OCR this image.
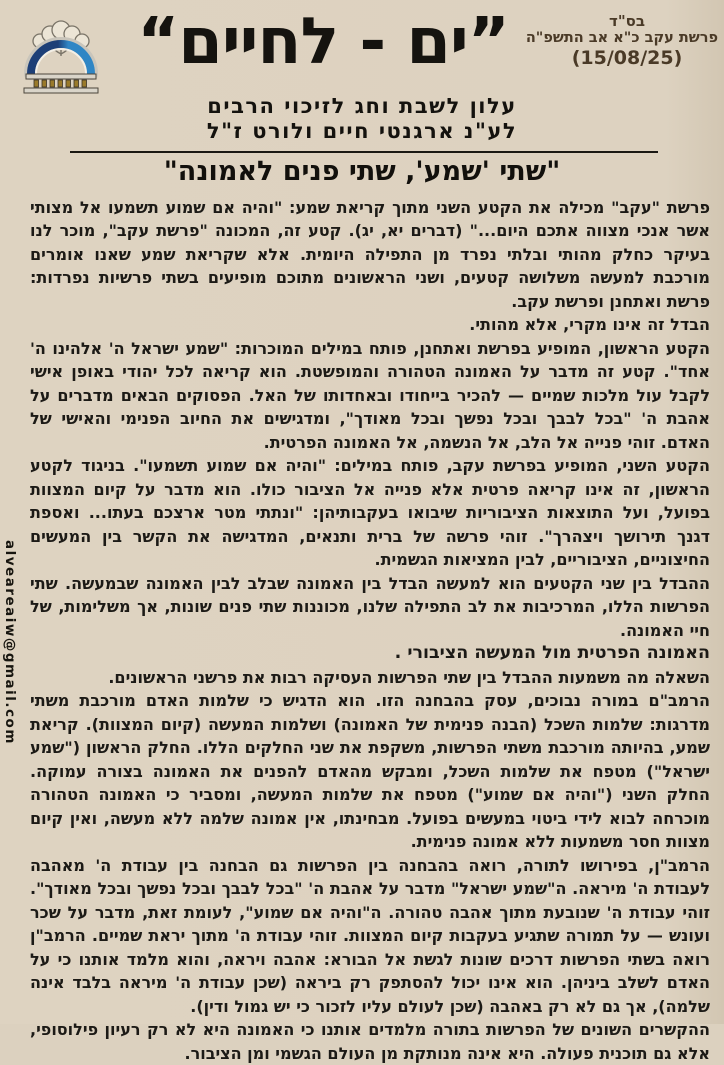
”ים - לחיים“	בס"ד
פרשת עקב כ"א אב התשפ"ה
(15/08/25)
עלון לשבת וחג לזיכוי הרבים
לע"נ ארגנטי חיים ולורט ז"ל
"שתי 'שמע', שתי פנים לאמונה"

פרשת "עקב" מכילה את הקטע השני מתוך קריאת שמע: "והיה אם שמוע תשמעו אל מצותי אשר אנכי מצווה אתכם היום..." (דברים יא, יג). קטע זה, המכונה "פרשת עקב", מוכר לנו בעיקר כחלק מהותי ובלתי נפרד מן התפילה היומית. אלא שקריאת שמע שאנו אומרים מורכבת למעשה משלושה קטעים, ושני הראשונים מתוכם מופיעים בשתי פרשיות נפרדות: פרשת ואתחנן ופרשת עקב.

הבדל זה אינו מקרי, אלא מהותי.

הקטע הראשון, המופיע בפרשת ואתחנן, פותח במילים המוכרות: "שמע ישראל ה' אלהינו ה' אחד". קטע זה מדבר על האמונה הטהורה והמופשטת. הוא קריאה לכל יהודי באופן אישי לקבל עול מלכות שמיים — להכיר בייחודו ובאחדותו של האל. הפסוקים הבאים מדברים על אהבת ה' "בכל לבבך ובכל נפשך ובכל מאודך", ומדגישים את החיוב הפנימי והאישי של האדם. זוהי פנייה אל הלב, אל הנשמה, אל האמונה הפרטית.

הקטע השני, המופיע בפרשת עקב, פותח במילים: "והיה אם שמוע תשמעו". בניגוד לקטע הראשון, זה אינו קריאה פרטית אלא פנייה אל הציבור כולו. הוא מדבר על קיום המצוות בפועל, ועל התוצאות הציבוריות שיבואו בעקבותיהן: "ונתתי מטר ארצכם בעתו... ואספת דגנך תירושך ויצהרך". זוהי פרשה של ברית ותנאים, המדגישה את הקשר בין המעשים החיצוניים, הציבוריים, לבין המציאות הגשמית.

ההבדל בין שני הקטעים הוא למעשה הבדל בין האמונה שבלב לבין האמונה שבמעשה. שתי הפרשות הללו, המרכיבות את לב התפילה שלנו, מכוננות שתי פנים שונות, אך משלימות, של חיי האמונה.

האמונה הפרטית מול המעשה הציבורי .

השאלה מה משמעות ההבדל בין שתי הפרשות העסיקה רבות את פרשני הראשונים.

הרמב"ם במורה נבוכים, עסק בהבחנה הזו. הוא הדגיש כי שלמות האדם מורכבת משתי מדרגות: שלמות השכל (הבנה פנימית של האמונה) ושלמות המעשה (קיום המצוות). קריאת שמע, בהיותה מורכבת משתי הפרשות, משקפת את שני החלקים הללו. החלק הראשון ("שמע ישראל") מטפח את שלמות השכל, ומבקש מהאדם להפנים את האמונה בצורה עמוקה. החלק השני ("והיה אם שמוע") מטפח את שלמות המעשה, ומסביר כי האמונה הטהורה מוכרחה לבוא לידי ביטוי במעשים בפועל. מבחינתו, אין אמונה שלמה ללא מעשה, ואין קיום מצוות חסר משמעות ללא אמונה פנימית.

הרמב"ן, בפירושו לתורה, רואה בהבחנה בין הפרשות גם הבחנה בין עבודת ה' מאהבה לעבודת ה' מיראה. ה"שמע ישראל" מדבר על אהבת ה' "בכל לבבך ובכל נפשך ובכל מאודך". זוהי עבודת ה' שנובעת מתוך אהבה טהורה. ה"והיה אם שמוע", לעומת זאת, מדבר על שכר ועונש — על תמורה שתגיע בעקבות קיום המצוות. זוהי עבודת ה' מתוך יראת שמיים. הרמב"ן רואה בשתי הפרשות דרכים שונות לגשת אל הבורא: אהבה ויראה, והוא מלמד אותנו כי על האדם לשלב ביניהן. הוא אינו יכול להסתפק רק ביראה (שכן עבודת ה' מיראה בלבד אינה שלמה), אך גם לא רק באהבה (שכן לעולם עליו לזכור כי יש גמול ודין).

ההקשרים השונים של הפרשות בתורה מלמדים אותנו כי האמונה היא לא רק רעיון פילוסופי, אלא גם תוכנית פעולה. היא אינה מנותקת מן העולם הגשמי ומן הציבור.

alveareaiw@gmail.com
